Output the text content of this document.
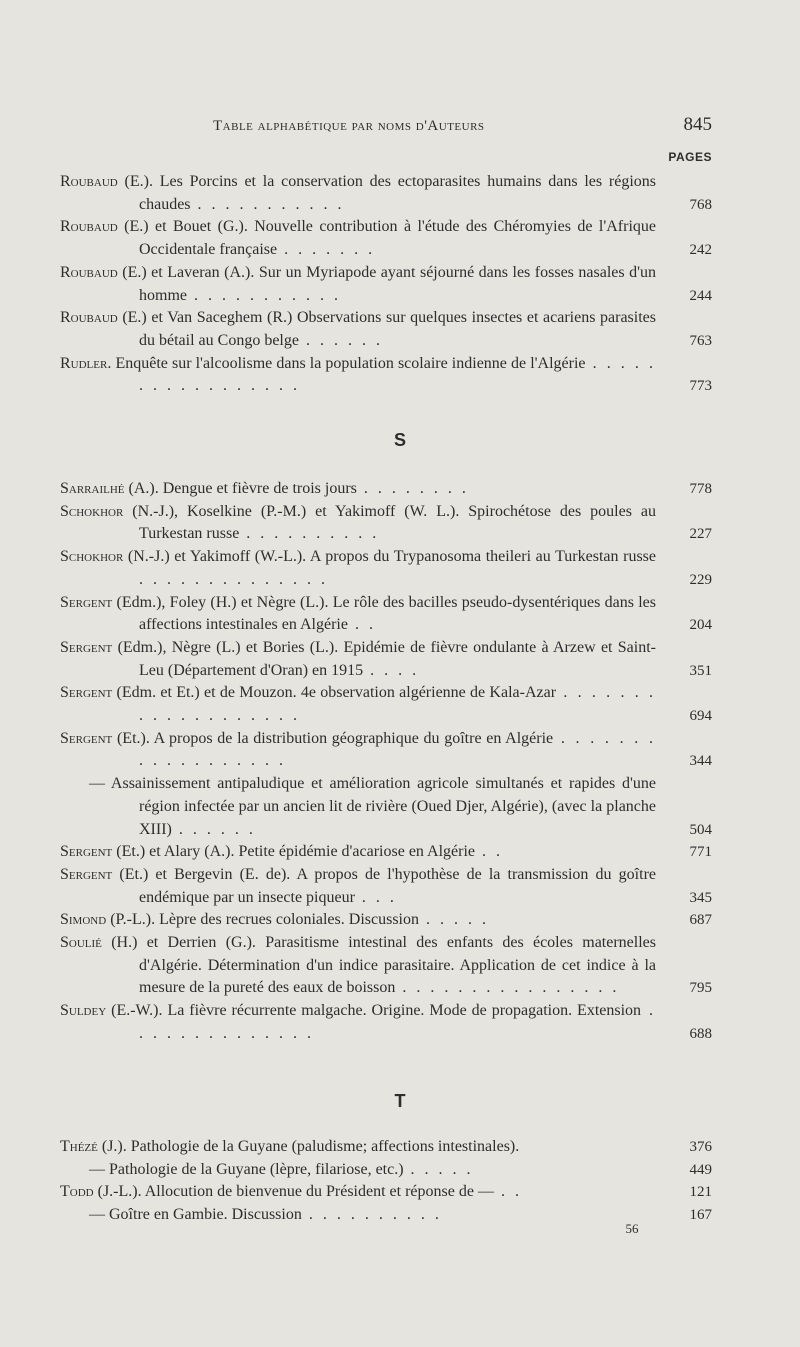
Table alphabétique par noms d'Auteurs	845
PAGES
Roubaud (E.). Les Porcins et la conservation des ectoparasites humains dans les régions chaudes . . . . . . . . . . .	768
Roubaud (E.) et Bouet (G.). Nouvelle contribution à l'étude des Chéromyies de l'Afrique Occidentale française . . . . . . .	242
Roubaud (E.) et Laveran (A.). Sur un Myriapode ayant séjourné dans les fosses nasales d'un homme . . . . . . . . . . .	244
Roubaud (E.) et Van Saceghem (R.) Observations sur quelques insectes et acariens parasites du bétail au Congo belge . . . . . .	763
Rudler. Enquête sur l'alcoolisme dans la population scolaire indienne de l'Algérie . . . . . . . . . . . . . . . . .	773
S
Sarrailhé (A.). Dengue et fièvre de trois jours . . . . . . . .	778
Schokhor (N.-J.), Koselkine (P.-M.) et Yakimoff (W. L.). Spirochétose des poules au Turkestan russe . . . . . . . . . .	227
Schokhor (N.-J.) et Yakimoff (W.-L.). A propos du Trypanosoma theileri au Turkestan russe . . . . . . . . . . . . . .	229
Sergent (Edm.), Foley (H.) et Nègre (L.). Le rôle des bacilles pseudo-dysentériques dans les affections intestinales en Algérie . .	204
Sergent (Edm.), Nègre (L.) et Bories (L.). Epidémie de fièvre ondulante à Arzew et Saint-Leu (Département d'Oran) en 1915 . . . .	351
Sergent (Edm. et Et.) et de Mouzon. 4e observation algérienne de Kala-Azar . . . . . . . . . . . . . . . . . . .	694
Sergent (Et.). A propos de la distribution géographique du goître en Algérie . . . . . . . . . . . . . . . . . .	344
— Assainissement antipaludique et amélioration agricole simultanés et rapides d'une région infectée par un ancien lit de rivière (Oued Djer, Algérie), (avec la planche XIII) . . . . . .	504
Sergent (Et.) et Alary (A.). Petite épidémie d'acariose en Algérie . .	771
Sergent (Et.) et Bergevin (E. de). A propos de l'hypothèse de la transmission du goître endémique par un insecte piqueur . . .	345
Simond (P.-L.). Lèpre des recrues coloniales. Discussion . . . . .	687
Soulié (H.) et Derrien (G.). Parasitisme intestinal des enfants des écoles maternelles d'Algérie. Détermination d'un indice parasitaire. Application de cet indice à la mesure de la pureté des eaux de boisson . . . . . . . . . . . . . . . .	795
Suldey (E.-W.). La fièvre récurrente malgache. Origine. Mode de propagation. Extension . . . . . . . . . . . . . .	688
T
Thézé (J.). Pathologie de la Guyane (paludisme; affections intestinales).	376
— Pathologie de la Guyane (lèpre, filariose, etc.) . . . . .	449
Todd (J.-L.). Allocution de bienvenue du Président et réponse de — . .	121
— Goître en Gambie. Discussion . . . . . . . . . .	167
56
